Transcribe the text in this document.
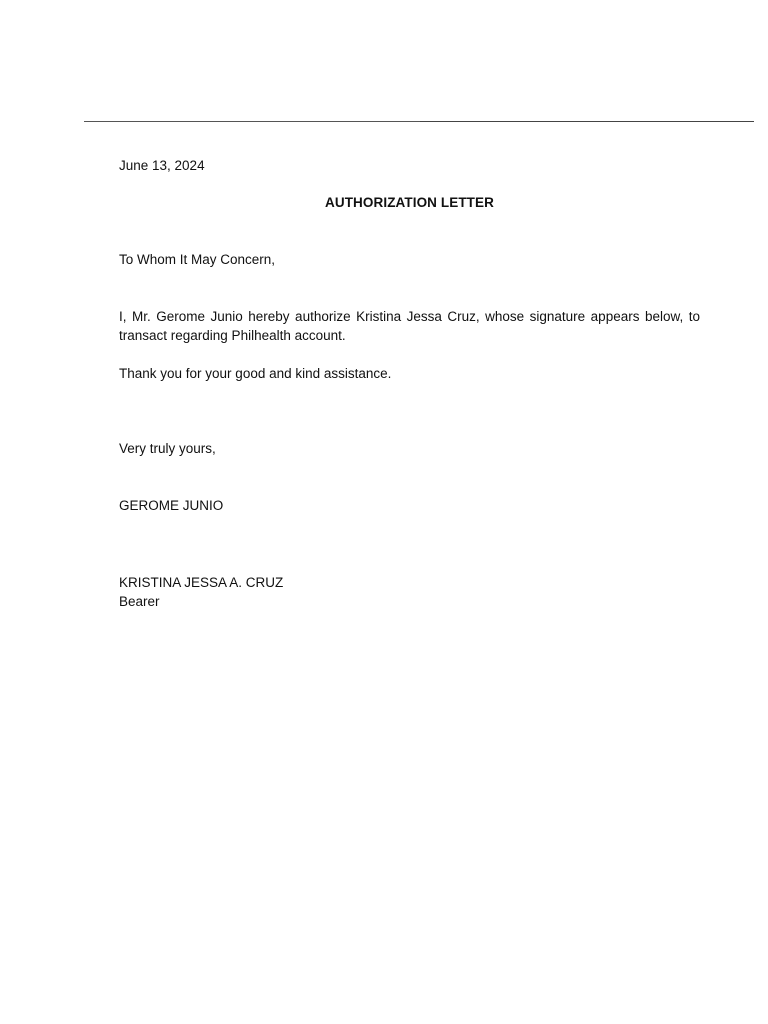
June 13, 2024
AUTHORIZATION LETTER
To Whom It May Concern,
I, Mr. Gerome Junio hereby authorize Kristina Jessa Cruz, whose signature appears below, to
transact regarding Philhealth account.
Thank you for your good and kind assistance.
Very truly yours,
GEROME JUNIO
KRISTINA JESSA A. CRUZ
Bearer
